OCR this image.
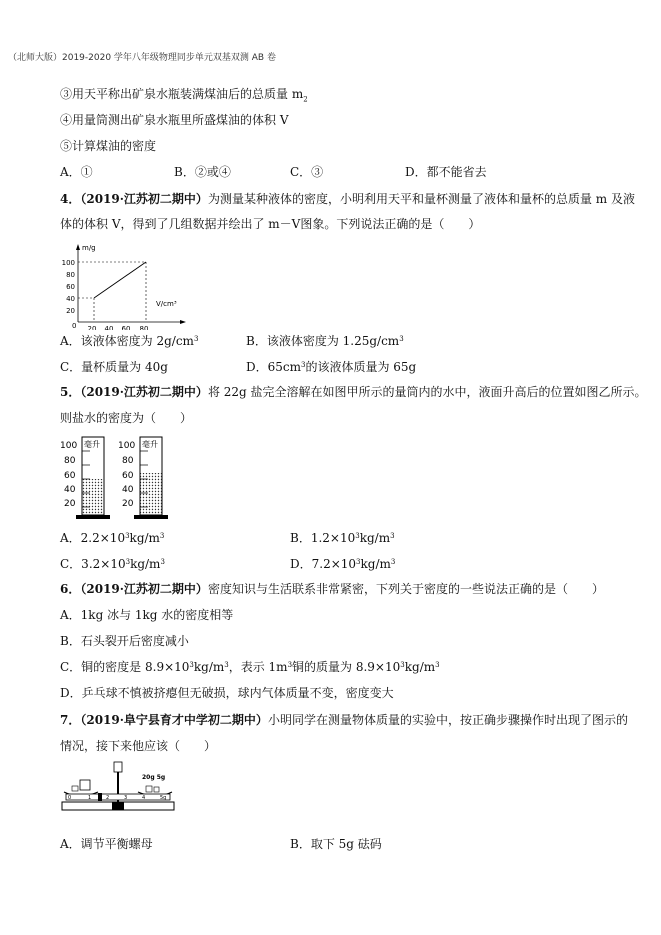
（北师大版）2019-2020 学年八年级物理同步单元双基双测 AB 卷
③用天平称出矿泉水瓶装满煤油后的总质量 $m_2$
④用量筒测出矿泉水瓶里所盛煤油的体积 V
⑤计算煤油的密度
A．①	B．②或④	C．③	D．都不能省去
4．（2019·江苏初二期中）为测量某种液体的密度，小明利用天平和量杯测量了液体和量杯的总质量 m 及液
体的体积 V，得到了几组数据并绘出了 m－V图象。下列说法正确的是（　　）
m/g
V/cm³
100
80
60
40
20
0 20 40 60 80
A．该液体密度为 $2g/cm^3$	B．该液体密度为 $1.25g/cm^3$
C．量杯质量为 40g	D．$65cm^3$的该液体质量为 65g
5．（2019·江苏初二期中）将 22g 盐完全溶解在如图甲所示的量筒内的水中，液面升高后的位置如图乙所示。
则盐水的密度为（　　）
100
80
60
40
20
毫升 100
80
60
40
20
毫升
A．$2.2\times 10^3kg/m^3$	B．$1.2\times 10^3kg/m^3$
C．$3.2\times 10^3kg/m^3$	D．$7.2\times 10^3kg/m^3$
6．（2019·江苏初二期中）密度知识与生活联系非常紧密，下列关于密度的一些说法正确的是（　　）
A．1kg 冰与 1kg 水的密度相等
B．石头裂开后密度减小
C．铜的密度是 $8.9\times 10^3kg/m^3$，表示 $1m^3$铜的质量为 $8.9\times 10^3kg/m^3$
D．乒乓球不慎被挤瘪但无破损，球内气体质量不变，密度变大
7．（2019·阜宁县育才中学初二期中）小明同学在测量物体质量的实验中，按正确步骤操作时出现了图示的
情况，接下来他应该（　　）
20g 5g
0	1	2	3	4	5g
A．调节平衡螺母	B．取下 5g 砝码
